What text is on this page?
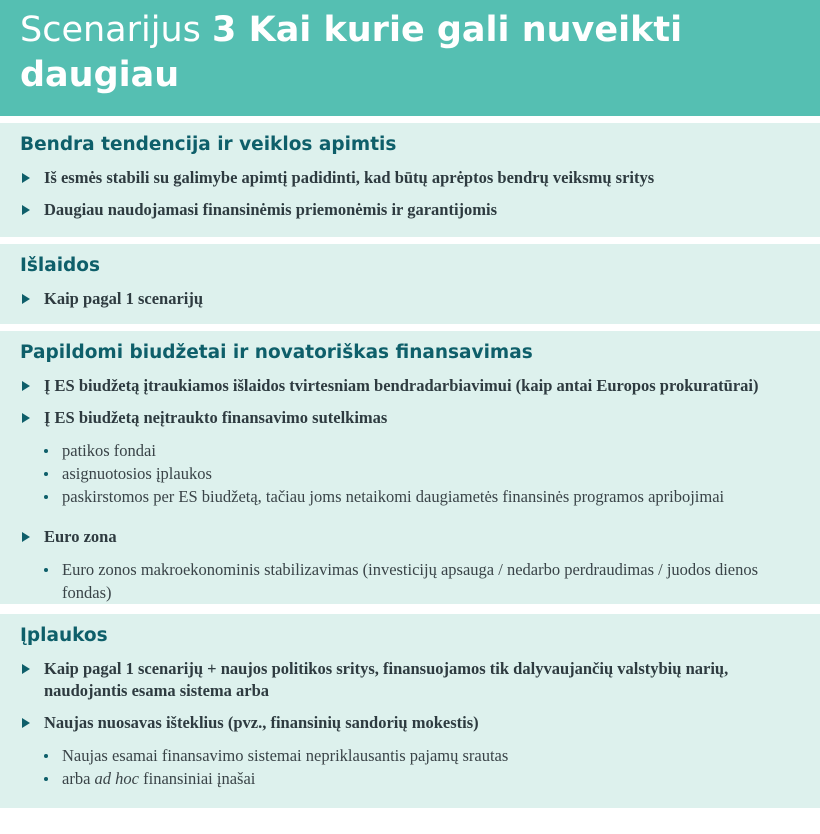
Scenarijus 3 Kai kurie gali nuveikti daugiau
Bendra tendencija ir veiklos apimtis
Iš esmės stabili su galimybe apimtį padidinti, kad būtų aprėptos bendrų veiksmų sritys
Daugiau naudojamasi finansinėmis priemonėmis ir garantijomis
Išlaidos
Kaip pagal 1 scenarijų
Papildomi biudžetai ir novatoriškas finansavimas
Į ES biudžetą įtraukiamos išlaidos tvirtesniam bendradarbiavimui (kaip antai Europos prokuratūrai)
Į ES biudžetą neįtraukto finansavimo sutelkimas
patikos fondai
asignuotosios įplaukos
paskirstomos per ES biudžetą, tačiau joms netaikomi daugiametės finansinės programos apribojimai
Euro zona
Euro zonos makroekonominis stabilizavimas (investicijų apsauga / nedarbo perdraudimas / juodos dienos fondas)
Įplaukos
Kaip pagal 1 scenarijų + naujos politikos sritys, finansuojamos tik dalyvaujančių valstybių narių, naudojantis esama sistema arba
Naujas nuosavas išteklius (pvz., finansinių sandorių mokestis)
Naujas esamai finansavimo sistemai nepriklausantis pajamų srautas
arba ad hoc finansiniai įnašai
